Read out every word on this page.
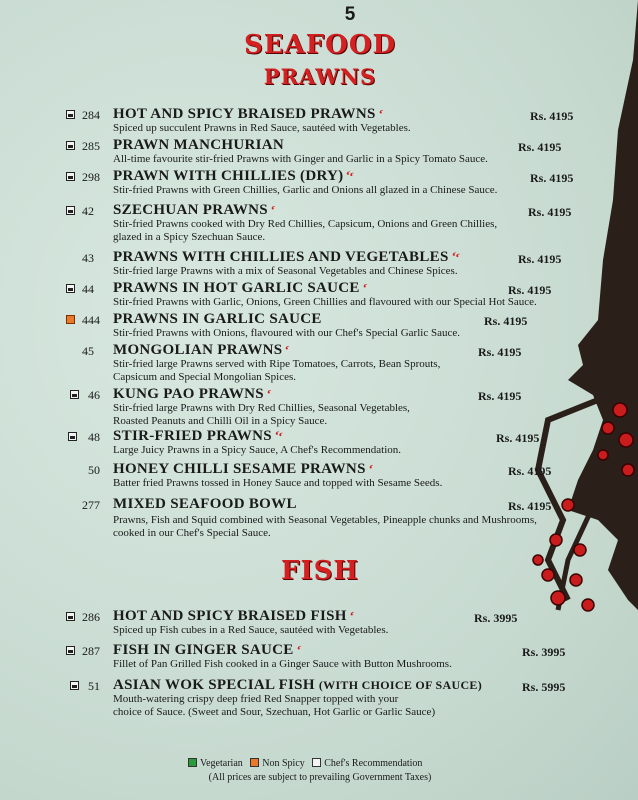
5
SEAFOOD
PRAWNS
FISH
284 HOT AND SPICY BRAISED PRAWNS‘	Rs. 4195
Spiced up succulent Prawns in Red Sauce, sautéed with Vegetables.
285 PRAWN MANCHURIAN	Rs. 4195
All-time favourite stir-fried Prawns with Ginger and Garlic in a Spicy Tomato Sauce.
298 PRAWN WITH CHILLIES (DRY)‘‘	Rs. 4195
Stir-fried Prawns with Green Chillies, Garlic and Onions all glazed in a Chinese Sauce.
42 SZECHUAN PRAWNS‘	Rs. 4195
Stir-fried Prawns cooked with Dry Red Chillies, Capsicum, Onions and Green Chillies,
glazed in a Spicy Szechuan Sauce.
43 PRAWNS WITH CHILLIES AND VEGETABLES‘‘	Rs. 4195
Stir-fried large Prawns with a mix of Seasonal Vegetables and Chinese Spices.
44 PRAWNS IN HOT GARLIC SAUCE‘	Rs. 4195
Stir-fried Prawns with Garlic, Onions, Green Chillies and flavoured with our Special Hot Sauce.
444 PRAWNS IN GARLIC SAUCE	Rs. 4195
Stir-fried Prawns with Onions, flavoured with our Chef's Special Garlic Sauce.
45 MONGOLIAN PRAWNS‘	Rs. 4195
Stir-fried large Prawns served with Ripe Tomatoes, Carrots, Bean Sprouts,
Capsicum and Special Mongolian Spices.
46 KUNG PAO PRAWNS‘	Rs. 4195
Stir-fried large Prawns with Dry Red Chillies, Seasonal Vegetables,
Roasted Peanuts and Chilli Oil in a Spicy Sauce.
48 STIR-FRIED PRAWNS‘‘	Rs. 4195
Large Juicy Prawns in a Spicy Sauce, A Chef's Recommendation.
50 HONEY CHILLI SESAME PRAWNS‘	Rs. 4195
Batter fried Prawns tossed in Honey Sauce and topped with Sesame Seeds.
277 MIXED SEAFOOD BOWL	Rs. 4195
Prawns, Fish and Squid combined with Seasonal Vegetables, Pineapple chunks and Mushrooms,
cooked in our Chef's Special Sauce.
286 HOT AND SPICY BRAISED FISH‘	Rs. 3995
Spiced up Fish cubes in a Red Sauce, sautéed with Vegetables.
287 FISH IN GINGER SAUCE‘	Rs. 3995
Fillet of Pan Grilled Fish cooked in a Ginger Sauce with Button Mushrooms.
51 ASIAN WOK SPECIAL FISH (WITH CHOICE OF SAUCE)	Rs. 5995
Mouth-watering crispy deep fried Red Snapper topped with your
choice of Sauce. (Sweet and Sour, Szechuan, Hot Garlic or Garlic Sauce)
Vegetarian Non Spicy Chef's Recommendation
(All prices are subject to prevailing Government Taxes)
